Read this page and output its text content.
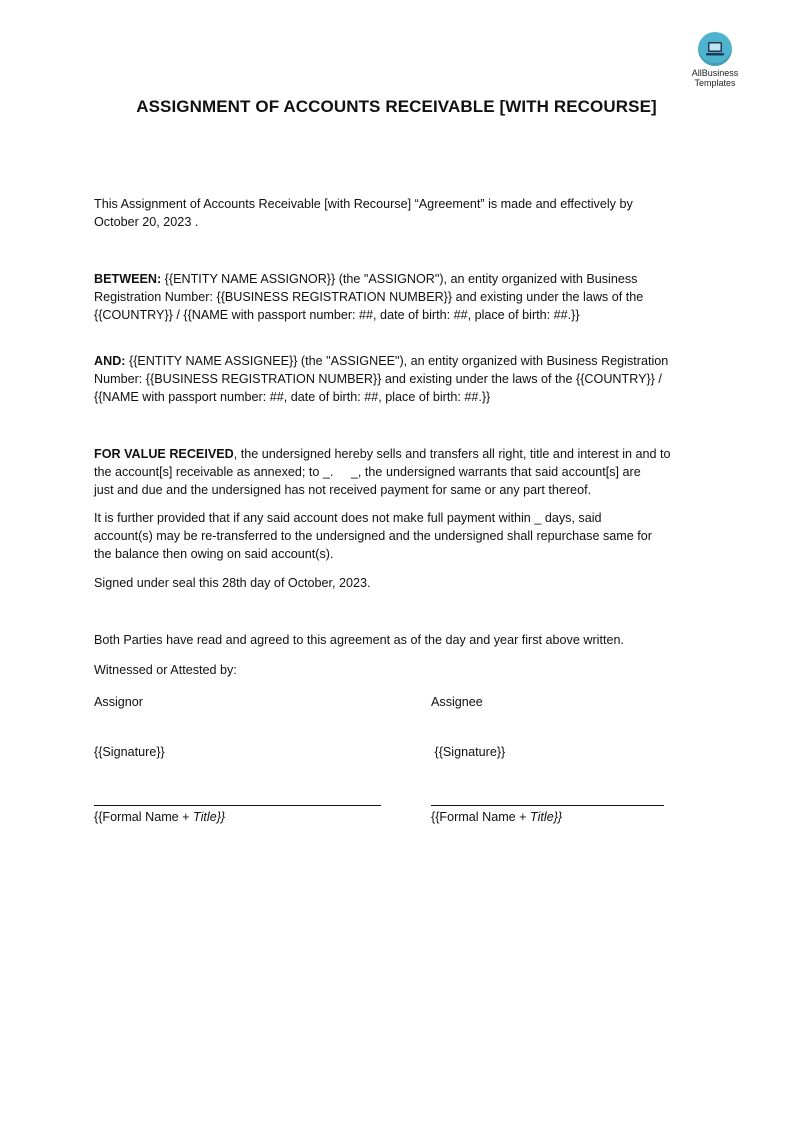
AllBusiness
Templates
ASSIGNMENT OF ACCOUNTS RECEIVABLE [WITH RECOURSE]
This Assignment of Accounts Receivable [with Recourse] “Agreement” is made and effectively by
October 20, 2023 .
BETWEEN: {{ENTITY NAME ASSIGNOR}} (the "ASSIGNOR"), an entity organized with Business
Registration Number: {{BUSINESS REGISTRATION NUMBER}} and existing under the laws of the
{{COUNTRY}} / {{NAME with passport number: ##, date of birth: ##, place of birth: ##.}}
AND: {{ENTITY NAME ASSIGNEE}} (the "ASSIGNEE"), an entity organized with Business Registration
Number: {{BUSINESS REGISTRATION NUMBER}} and existing under the laws of the {{COUNTRY}} /
{{NAME with passport number: ##, date of birth: ##, place of birth: ##.}}
FOR VALUE RECEIVED, the undersigned hereby sells and transfers all right, title and interest in and to
the account[s] receivable as annexed; to _.     _, the undersigned warrants that said account[s] are
just and due and the undersigned has not received payment for same or any part thereof.
It is further provided that if any said account does not make full payment within _ days, said
account(s) may be re-transferred to the undersigned and the undersigned shall repurchase same for
the balance then owing on said account(s).
Signed under seal this 28th day of October, 2023.
Both Parties have read and agreed to this agreement as of the day and year first above written.
Witnessed or Attested by:
Assignor
{{Signature}}
{{Formal Name + Title}}
Assignee
{{Signature}}
{{Formal Name + Title}}
